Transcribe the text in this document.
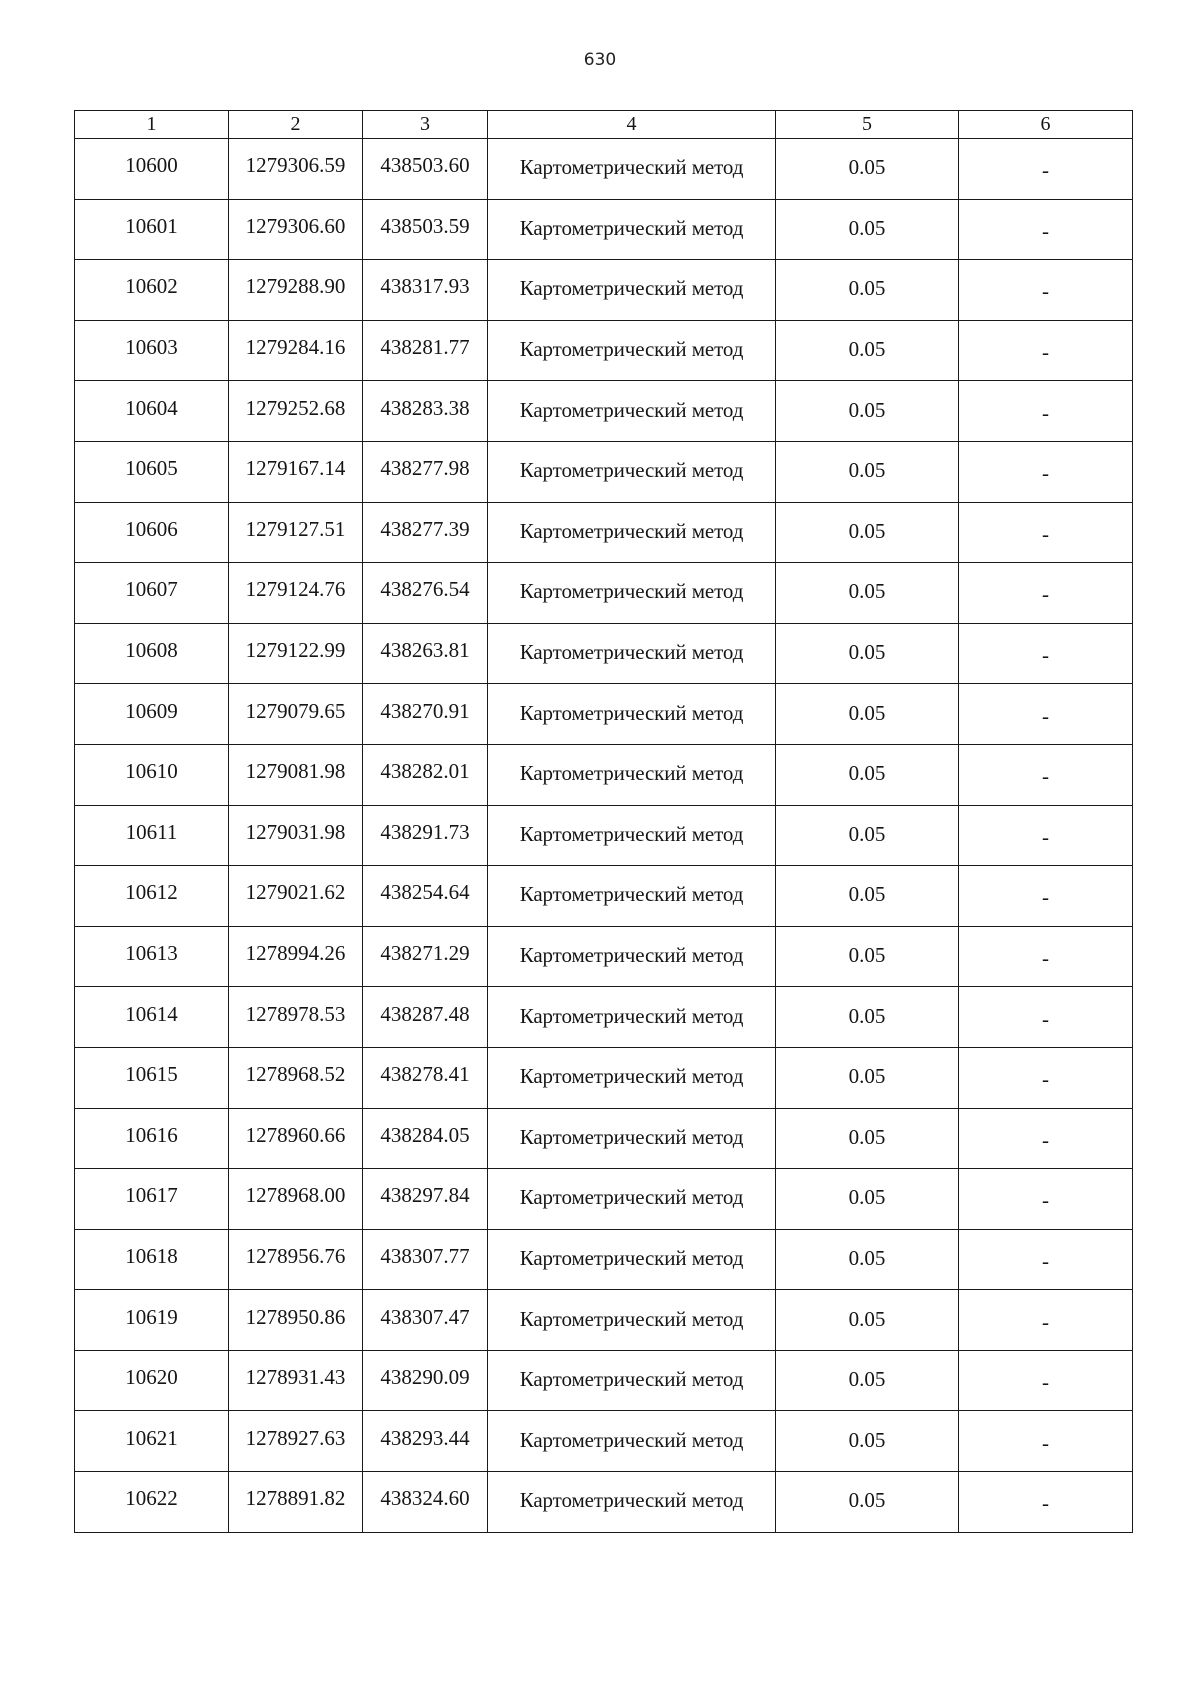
630
1	2	3	4	5	6
10600	1279306.59	438503.60	Картометрический метод	0.05	-
10601	1279306.60	438503.59	Картометрический метод	0.05	-
10602	1279288.90	438317.93	Картометрический метод	0.05	-
10603	1279284.16	438281.77	Картометрический метод	0.05	-
10604	1279252.68	438283.38	Картометрический метод	0.05	-
10605	1279167.14	438277.98	Картометрический метод	0.05	-
10606	1279127.51	438277.39	Картометрический метод	0.05	-
10607	1279124.76	438276.54	Картометрический метод	0.05	-
10608	1279122.99	438263.81	Картометрический метод	0.05	-
10609	1279079.65	438270.91	Картометрический метод	0.05	-
10610	1279081.98	438282.01	Картометрический метод	0.05	-
10611	1279031.98	438291.73	Картометрический метод	0.05	-
10612	1279021.62	438254.64	Картометрический метод	0.05	-
10613	1278994.26	438271.29	Картометрический метод	0.05	-
10614	1278978.53	438287.48	Картометрический метод	0.05	-
10615	1278968.52	438278.41	Картометрический метод	0.05	-
10616	1278960.66	438284.05	Картометрический метод	0.05	-
10617	1278968.00	438297.84	Картометрический метод	0.05	-
10618	1278956.76	438307.77	Картометрический метод	0.05	-
10619	1278950.86	438307.47	Картометрический метод	0.05	-
10620	1278931.43	438290.09	Картометрический метод	0.05	-
10621	1278927.63	438293.44	Картометрический метод	0.05	-
10622	1278891.82	438324.60	Картометрический метод	0.05	-
